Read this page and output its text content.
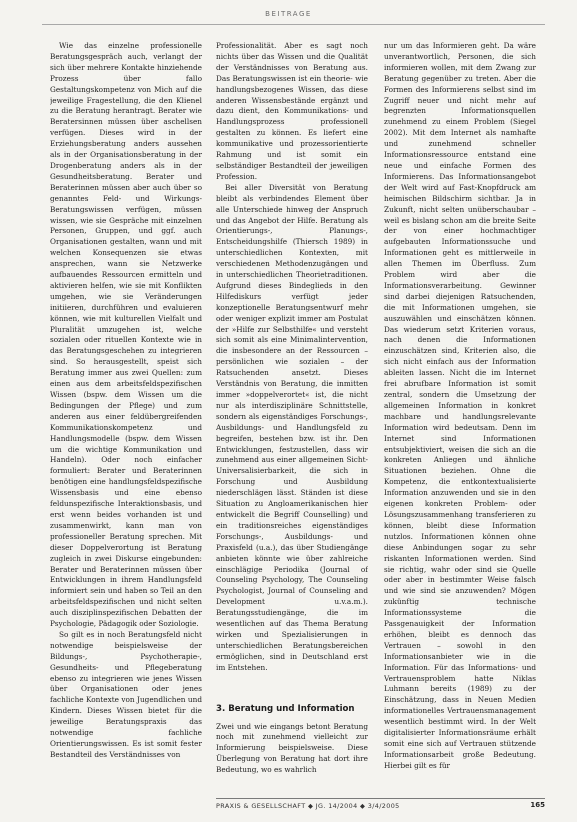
BEITRAGE

Wie das einzelne professionelle Beratungsgespräch auch, verlangt der sich über mehrere Kontakte hinziehende Prozess über fallo Gestaltungskompetenz von Mich auf die jeweilige Fragestellung, die den Klienel zu die Beratung herantragt. Berater wie Beratersinnen müssen über aschellsen verfügen. Dieses wird in der Erziehungsberatung anders aussehen als in der Organisationsberatung in der Drogenberatung anders als in der Gesundheitsberatung. Berater und Beraterinnen müssen aber auch über so genanntes Feld- und Wirkungs-Beratungswissen verfügen, müssen wissen, wie sie Gespräche mit einzelnen Personen, Gruppen, und ggf. auch Organisationen gestalten, wann und mit welchen Konsequenzen sie etwas ansprechen, wann sie Netzwerke aufbauendes Ressourcen ermitteln und aktivieren helfen, wie sie mit Konflikten umgehen, wie sie Veränderungen initiieren, durchführen und evaluieren können, wie mit kulturellen Vielfalt und Pluralität umzugehen ist, welche sozialen oder rituellen Kontexte wie in das Beratungsgeschehen zu integrieren sind. So herausgestellt, speist sich Beratung immer aus zwei Quellen: zum einen aus dem arbeitsfeldspezifischen Wissen (bspw. dem Wissen um die Bedingungen der Pflege) und zum anderen aus einer feldübergreifenden Kommunikationskompetenz und Handlungsmodelle (bspw. dem Wissen um die wichtige Kommunikation und Handeln). Oder noch einfacher formuliert: Berater und Beraterinnen benötigen eine handlungsfeldspezifische Wissensbasis und eine ebenso feldunspezifische Interaktionsbasis, und erst wenn beides vorhanden ist und zusammenwirkt, kann man von professioneller Beratung sprechen. Mit dieser Doppelverortung ist Beratung zugleich in zwei Diskurse eingebunden: Berater und Beraterinnen müssen über Entwicklungen in ihrem Handlungsfeld informiert sein und haben so Teil an den arbeitsfeldspezifischen und nicht selten auch disziplinspezifischen Debatten der Psychologie, Pädagogik oder Soziologie.

So gilt es in noch Beratungsfeld nicht notwendige beispielsweise der Bildungs-, Psychotherapie-, Gesundheits- und Pflegeberatung ebenso zu integrieren wie jenes Wissen über Organisationen oder jenes fachliche Kontexte von Jugendlichen und Kindern. Dieses Wissen bietet für die jeweilige Beratungspraxis das notwendige fachliche Orientierungswissen. Es ist somit fester Bestandteil des Verständnisses von

Professionalität. Aber es sagt noch nichts über das Wissen und die Qualität der Verständnisses von Beratung aus. Das Beratungswissen ist ein theorie- wie handlungsbezogenes Wissen, das diese anderen Wissensbestände ergänzt und dazu dient, den Kommunikations- und Handlungsprozess professionell gestalten zu können. Es liefert eine kommunikative und prozessorientierte Rahmung und ist somit ein selbständiger Bestandteil der jeweiligen Profession.

Bei aller Diversität von Beratung bleibt als verbindendes Element über alle Unterschiede hinweg der Anspruch und das Angebot der Hilfe. Beratung als Orientierungs-, Planungs-, Entscheidungshilfe (Thiersch 1989) in unterschiedlichen Kontexten, mit verschiedenen Methodenzugängen und in unterschiedlichen Theorietraditionen. Aufgrund dieses Bindeglieds in den Hilfediskurs verfügt jeder konzeptionelle Beratungsentwurf mehr oder weniger explizit immer am Postulat der »Hilfe zur Selbsthilfe« und versteht sich somit als eine Minimalintervention, die insbesondere an der Ressourcen – persönlichen wie sozialen – der Ratsuchenden ansetzt. Dieses Verständnis von Beratung, die inmitten immer »doppelverortet« ist, die nicht nur als interdisziplinäre Schnittstelle, sondern als eigenständiges Forschungs-, Ausbildungs- und Handlungsfeld zu begreifen, bestehen bzw. ist ihr. Den Entwicklungen, festzustellen, dass wir zunehmend aus einer allgemeinen Sicht-Universalisierbarkeit, die sich in Forschung und Ausbildung niederschlägen lässt. Ständen ist diese Situation zu Angloamerikanischen hier entwickelt die Begriff Counselling) und ein traditionsreiches eigenständiges Forschungs-, Ausbildungs- und Praxisfeld (u.a.), das über Studiengänge anbieten könnte wie über zahlreiche einschlägige Periodika (Journal of Counseling Psychology, The Counseling Psychologist, Journal of Counseling and Development u.v.a.m.). Beratungsstudiengänge, die im wesentlichen auf das Thema Beratung wirken und Spezialisierungen in unterschiedlichen Beratungsbereichen ermöglichen, sind in Deutschland erst im Entstehen.

3. Beratung und Information

Zwei und wie eingangs betont Beratung noch mit zunehmend vielleicht zur Informierung beispielsweise. Diese Überlegung von Beratung hat dort ihre Bedeutung, wo es wahrlich

nur um das Informieren geht. Da wäre unverantwortlich, Personen, die sich informieren wollen, mit dem Zwang zur Beratung gegenüber zu treten. Aber die Formen des Informierens selbst sind im Zugriff neuer und nicht mehr auf begrenzten Informationsquellen zunehmend zu einem Problem (Siegel 2002). Mit dem Internet als namhafte und zunehmend schneller Informationsressource entstand eine neue und einfache Formen des Informierens. Das Informationsangebot der Welt wird auf Fast-Knopfdruck am heimischen Bildschirm sichtbar. Ja in Zukunft, nicht selten unüberschaubar – weil es bislang schon am die breite Seite der von einer hochmachtiger aufgebauten Informationssuche und Informationen geht es mittlerweile in allen Themen im Überfluss. Zum Problem wird aber die Informationsverarbeitung. Gewinner sind darbei diejenigen Ratsuchenden, die mit Informationen umgehen, sie auszuwählen und einschätzen können. Das wiederum setzt Kriterien voraus, nach denen die Informationen einzuschätzen sind, Kriterien also, die sich nicht einfach aus der Information ableiten lassen. Nicht die im Internet frei abrufbare Information ist somit zentral, sondern die Umsetzung der allgemeinen Information in konkret machbare und handlungsrelevante Information wird bedeutsam. Denn im Internet sind Informationen entsubjektiviert, weisen die sich an die konkreten Anliegen und ähnliche Situationen beziehen. Ohne die Kompetenz, die entkontextualisierte Information anzuwenden und sie in den eigenen konkreten Problem- oder Lösungszusammenhang transferieren zu können, bleibt diese Information nutzlos. Informationen können ohne diese Anbindungen sogar zu sehr riskanten Informationen werden. Sind sie richtig, wahr oder sind sie Quelle oder aber in bestimmter Weise falsch und wie sind sie anzuwenden? Mögen zukünftig technische Informationssysteme die Passgenauigkeit der Information erhöhen, bleibt es dennoch das Vertrauen – sowohl in den Informationsanbieter wie in die Information. Für das Informations- und Vertrauensproblem hatte Niklas Luhmann bereits (1989) zu der Einschätzung, dass in Neuen Medien informationelles Vertrauensmanagement wesentlich bestimmt wird. In der Welt digitalisierter Informationsräume erhält somit eine sich auf Vertrauen stützende Informationsarbeit große Bedeutung. Hierbei gilt es für

PRAXIS & GESELLSCHAFT ◆ JG. 14/2004 ◆ 3/4/2005	165
